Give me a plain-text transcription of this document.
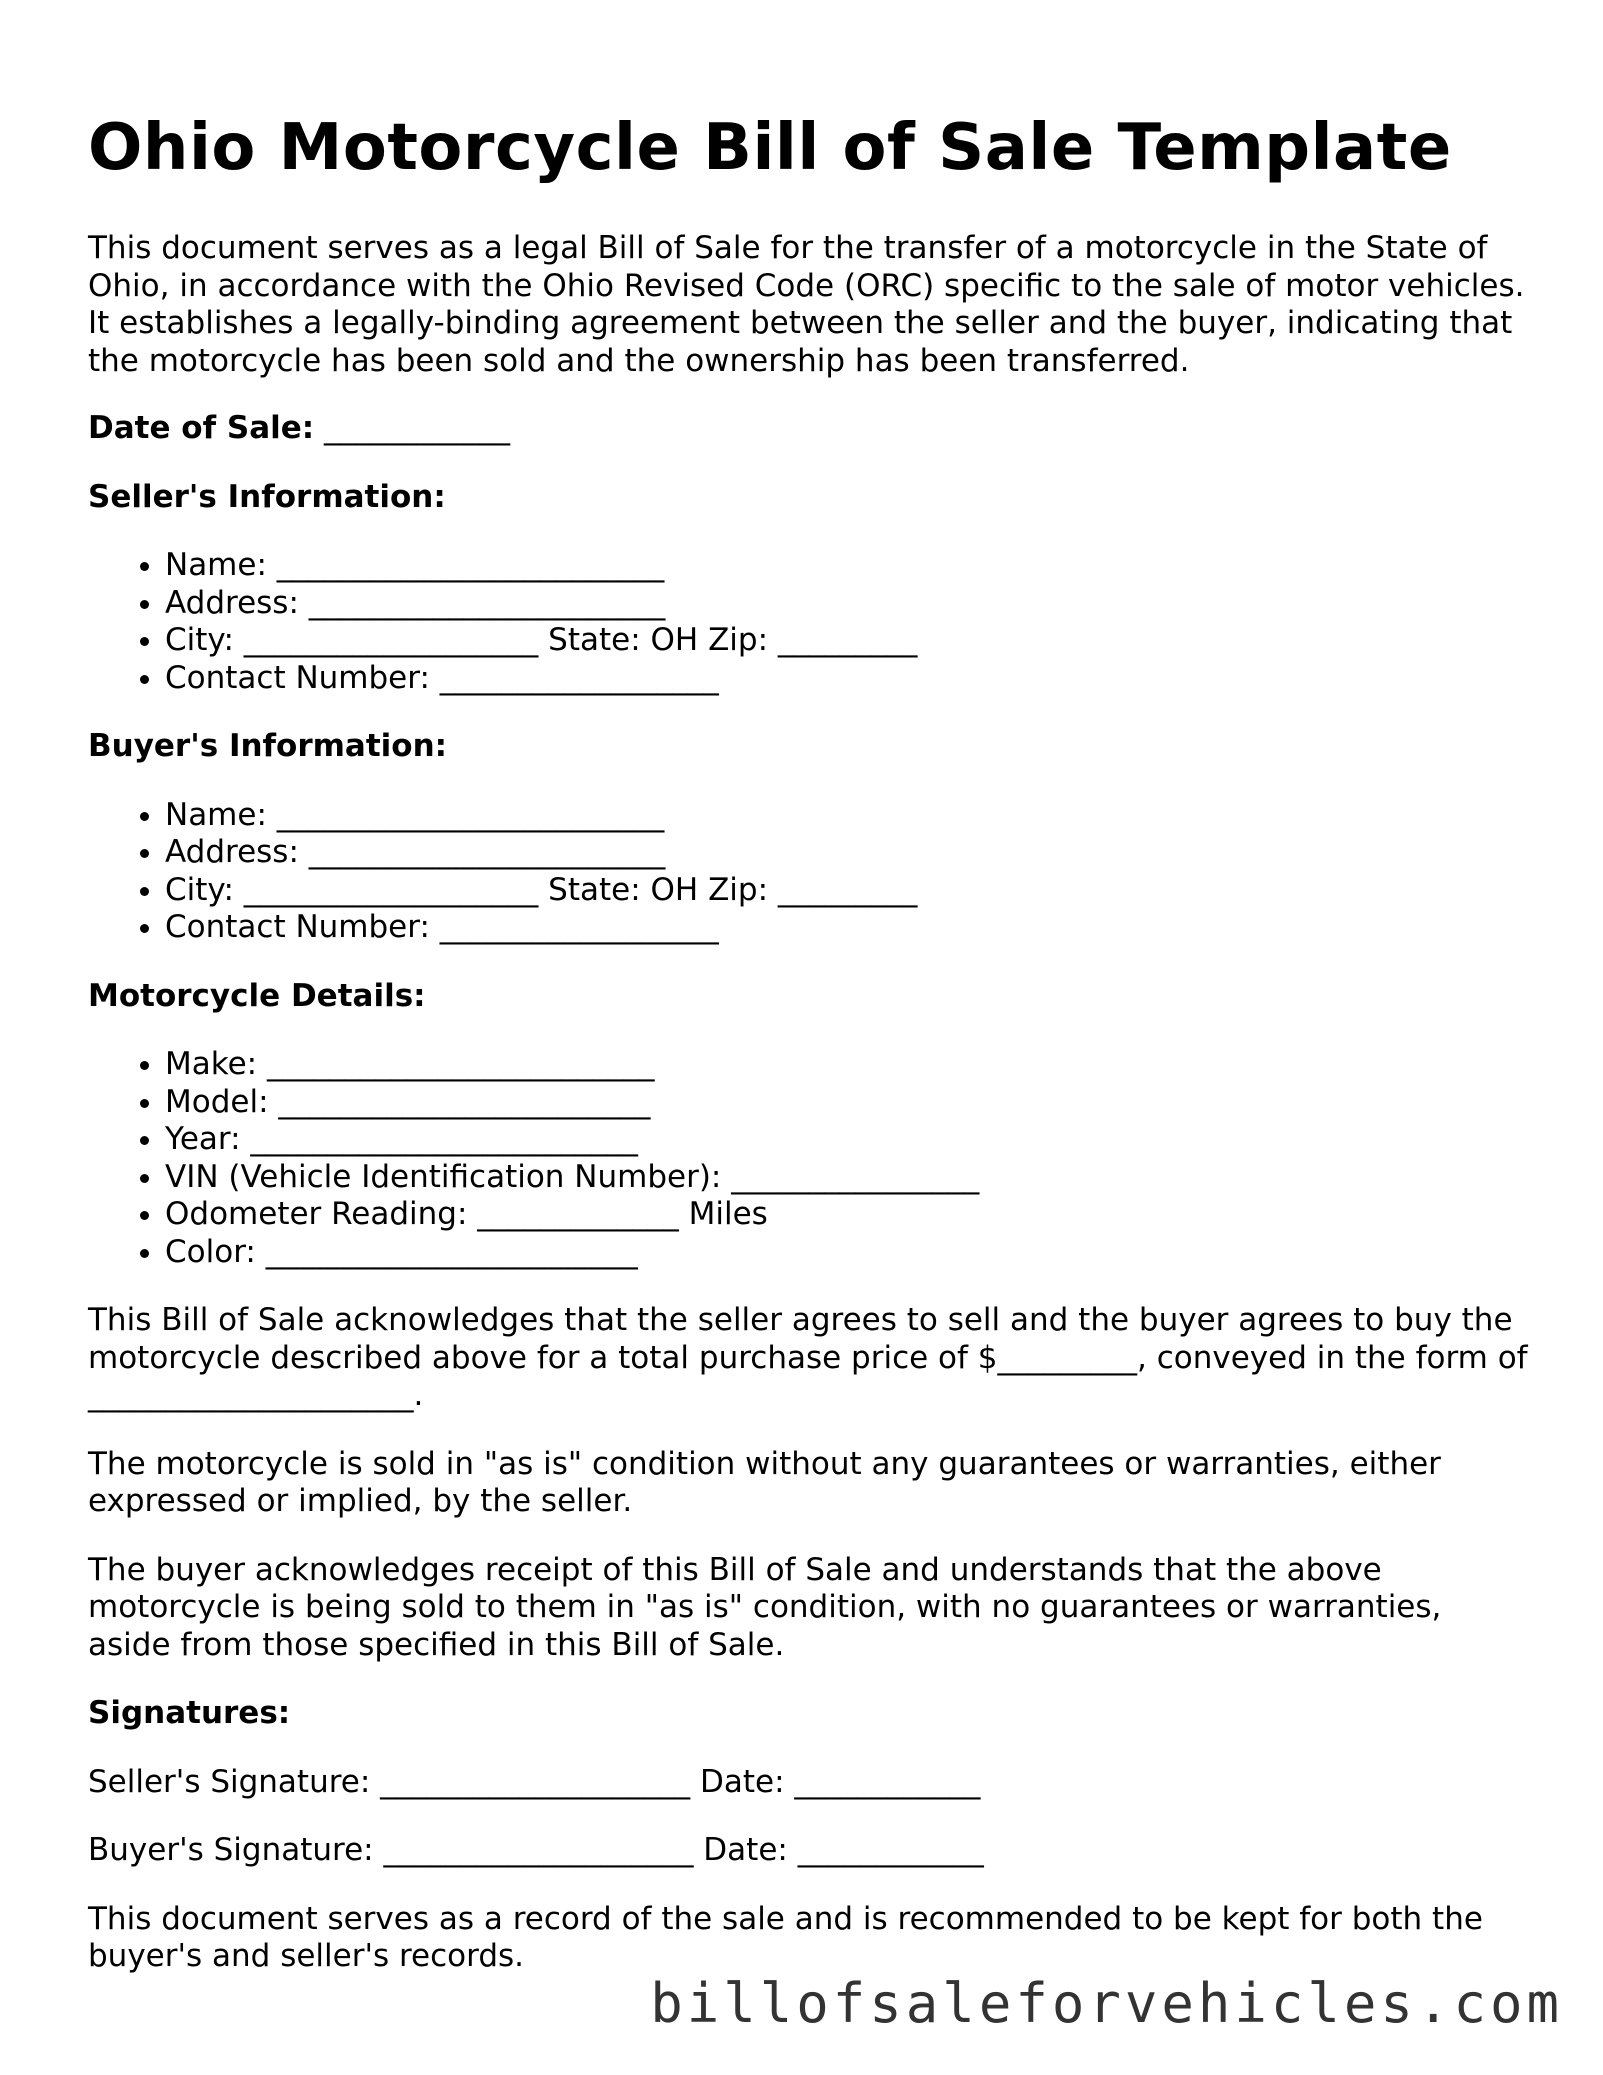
Ohio Motorcycle Bill of Sale Template

This document serves as a legal Bill of Sale for the transfer of a motorcycle in the State of Ohio, in accordance with the Ohio Revised Code (ORC) specific to the sale of motor vehicles. It establishes a legally-binding agreement between the seller and the buyer, indicating that the motorcycle has been sold and the ownership has been transferred.

Date of Sale: ____________

Seller's Information:

• Name: _________________________
• Address: _______________________
• City: ___________________ State: OH Zip: _________
• Contact Number: __________________

Buyer's Information:

• Name: _________________________
• Address: _______________________
• City: ___________________ State: OH Zip: _________
• Contact Number: __________________

Motorcycle Details:

• Make: _________________________
• Model: ________________________
• Year: _________________________
• VIN (Vehicle Identification Number): ________________
• Odometer Reading: _____________ Miles
• Color: ________________________

This Bill of Sale acknowledges that the seller agrees to sell and the buyer agrees to buy the motorcycle described above for a total purchase price of $_________, conveyed in the form of _____________________.

The motorcycle is sold in "as is" condition without any guarantees or warranties, either expressed or implied, by the seller.

The buyer acknowledges receipt of this Bill of Sale and understands that the above motorcycle is being sold to them in "as is" condition, with no guarantees or warranties, aside from those specified in this Bill of Sale.

Signatures:

Seller's Signature: ____________________ Date: ____________

Buyer's Signature: ____________________ Date: ____________

This document serves as a record of the sale and is recommended to be kept for both the buyer's and seller's records.

billofsaleforvehicles.com
